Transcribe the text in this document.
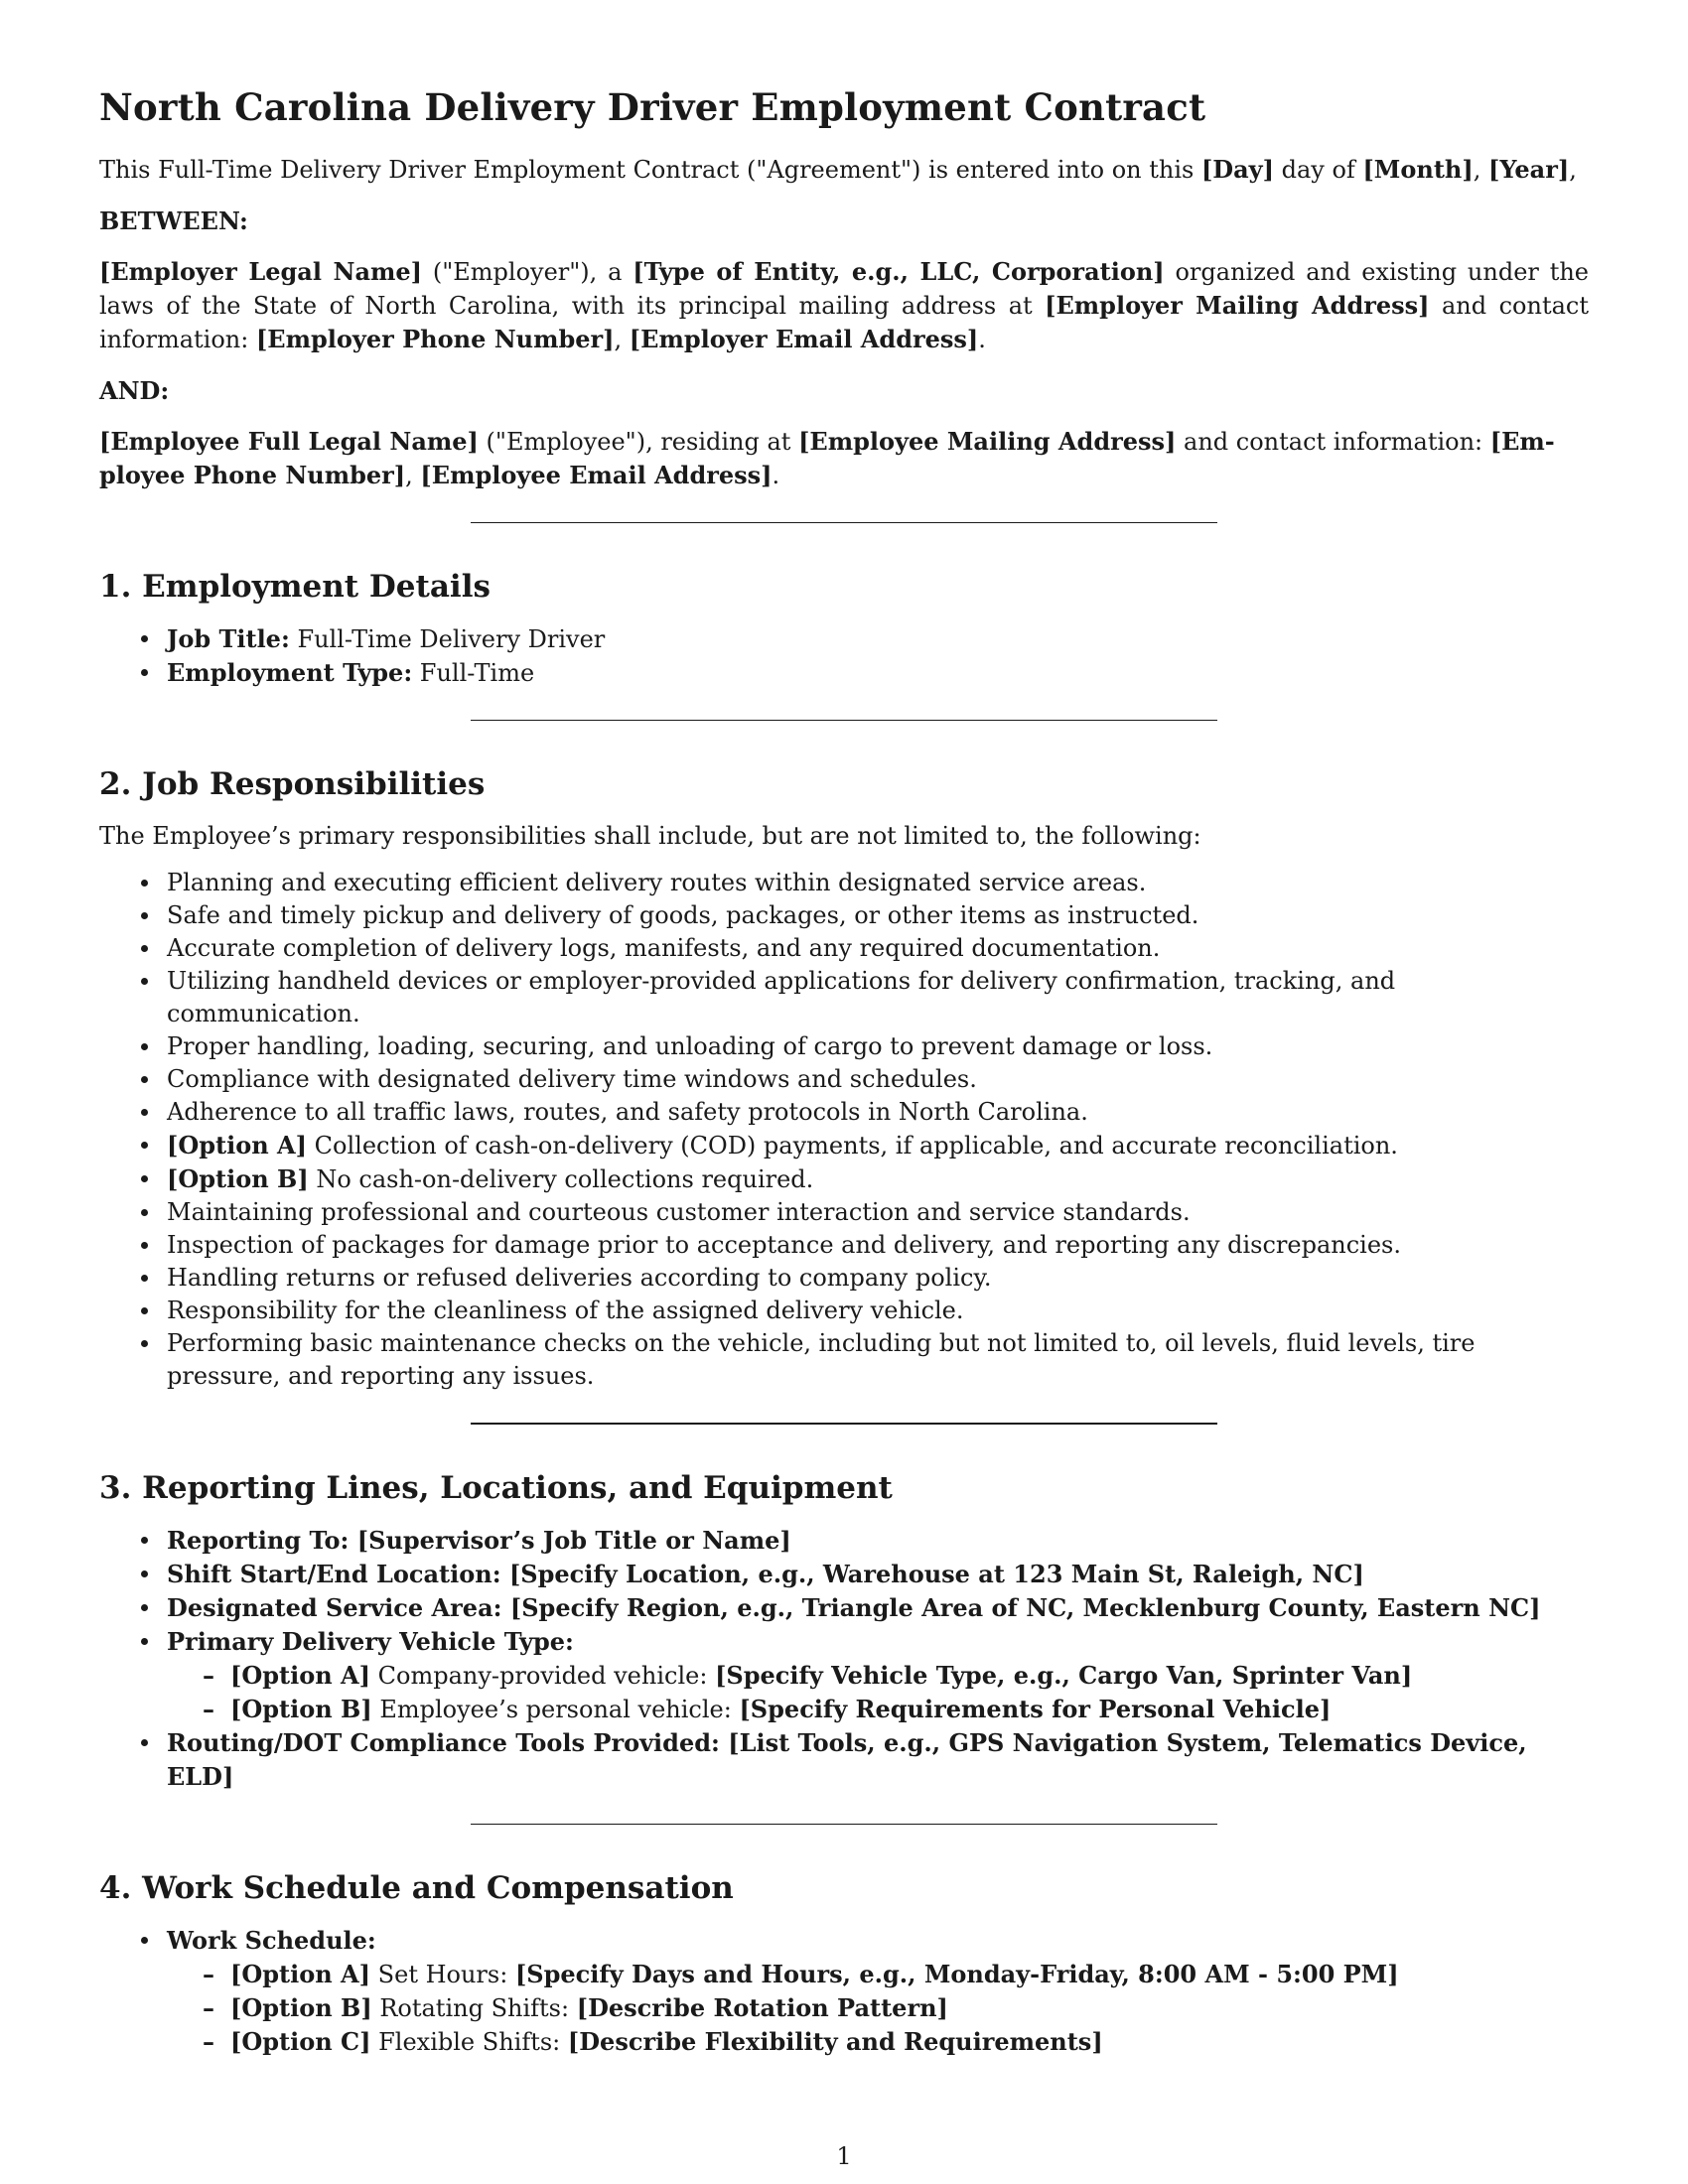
North Carolina Delivery Driver Employment Contract

This Full-Time Delivery Driver Employment Contract ("Agreement") is entered into on this [Day] day of [Month], [Year],

BETWEEN:

[Employer Legal Name] ("Employer"), a [Type of Entity, e.g., LLC, Corporation] organized and existing under the laws of the State of North Carolina, with its principal mailing address at [Employer Mailing Address] and contact information: [Employer Phone Number], [Employer Email Address].

AND:

[Employee Full Legal Name] ("Employee"), residing at [Employee Mailing Address] and contact information: [Em-
ployee Phone Number], [Employee Email Address].

1. Employment Details
Job Title: Full-Time Delivery Driver
Employment Type: Full-Time
2. Job Responsibilities

The Employee’s primary responsibilities shall include, but are not limited to, the following:

Planning and executing efficient delivery routes within designated service areas.
Safe and timely pickup and delivery of goods, packages, or other items as instructed.
Accurate completion of delivery logs, manifests, and any required documentation.
Utilizing handheld devices or employer-provided applications for delivery confirmation, tracking, and communication.
Proper handling, loading, securing, and unloading of cargo to prevent damage or loss.
Compliance with designated delivery time windows and schedules.
Adherence to all traffic laws, routes, and safety protocols in North Carolina.
[Option A] Collection of cash-on-delivery (COD) payments, if applicable, and accurate reconciliation.
[Option B] No cash-on-delivery collections required.
Maintaining professional and courteous customer interaction and service standards.
Inspection of packages for damage prior to acceptance and delivery, and reporting any discrepancies.
Handling returns or refused deliveries according to company policy.
Responsibility for the cleanliness of the assigned delivery vehicle.
Performing basic maintenance checks on the vehicle, including but not limited to, oil levels, fluid levels, tire pressure, and reporting any issues.
3. Reporting Lines, Locations, and Equipment
Reporting To: [Supervisor’s Job Title or Name]
Shift Start/End Location: [Specify Location, e.g., Warehouse at 123 Main St, Raleigh, NC]
Designated Service Area: [Specify Region, e.g., Triangle Area of NC, Mecklenburg County, Eastern NC]
Primary Delivery Vehicle Type:
– [Option A] Company-provided vehicle: [Specify Vehicle Type, e.g., Cargo Van, Sprinter Van]
– [Option B] Employee’s personal vehicle: [Specify Requirements for Personal Vehicle]
Routing/DOT Compliance Tools Provided: [List Tools, e.g., GPS Navigation System, Telematics Device, ELD]
4. Work Schedule and Compensation
Work Schedule:
– [Option A] Set Hours: [Specify Days and Hours, e.g., Monday-Friday, 8:00 AM - 5:00 PM]
– [Option B] Rotating Shifts: [Describe Rotation Pattern]
– [Option C] Flexible Shifts: [Describe Flexibility and Requirements]
1
